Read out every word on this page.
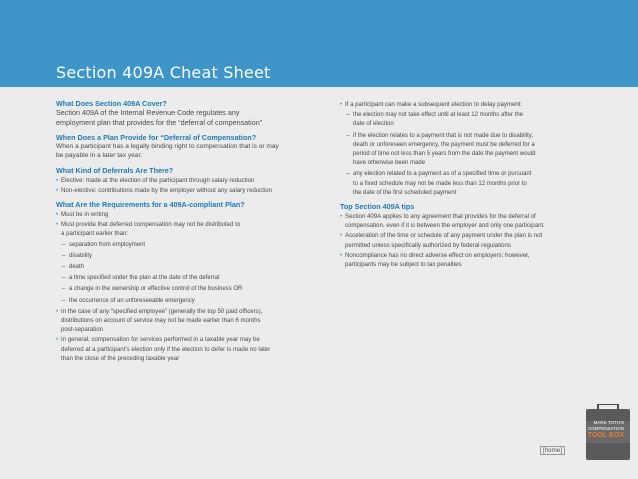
Section 409A Cheat Sheet

What Does Section 409A Cover?

Section 409A of the Internal Revenue Code regulates any

employment plan that provides for the “deferral of compensation”

When Does a Plan Provide for “Deferral of Compensation?

When a participant has a legally binding right to compensation that is or may

be payable in a later tax year.

What Kind of Deferrals Are There?

• Elective: made at the election of the participant through salary reduction

• Non-elective: contributions made by the employer without any salary reduction

What Are the Requirements for a 409A-compliant Plan?

• Must be in writing

• Must provide that deferred compensation may not be distributed to
a participant earlier than:

– separation from employment

– disability

– death

– a time specified under the plan at the date of the deferral

– a change in the ownership or effective control of the business OR

– the occurrence of an unforeseeable emergency

• In the case of any “specified employee” (generally the top 50 paid officers),
distributions on account of service may not be made earlier than 6 months
post-separation
• In general, compensation for services performed in a taxable year may be
deferred at a participant’s election only if the election to defer is made no later
than the close of the preceding taxable year

• If a participant can make a subsequent election to delay payment:

– the election may not take effect until at least 12 months after the
date of election
– if the election relates to a payment that is not made due to disability,
death or unforeseen emergency, the payment must be deferred for a
period of time not less than 5 years from the date the payment would
have otherwise been made
– any election related to a payment as of a specified time or pursuant
to a fixed schedule may not be made less than 12 months prior to
the date of the first scheduled payment

Top Section 409A tips

• Section 409A applies to any agreement that provides for the deferral of
compensation, even if it is between the employer and only one participant.
• Acceleration of the time or schedule of any payment under the plan is not
permitted unless specifically authorized by federal regulations
• Noncompliance has no direct adverse effect on employers; however,
participants may be subject to tax penalties
[home]
MARK TOTH’S
COMPENSATION
TOOL BOX
